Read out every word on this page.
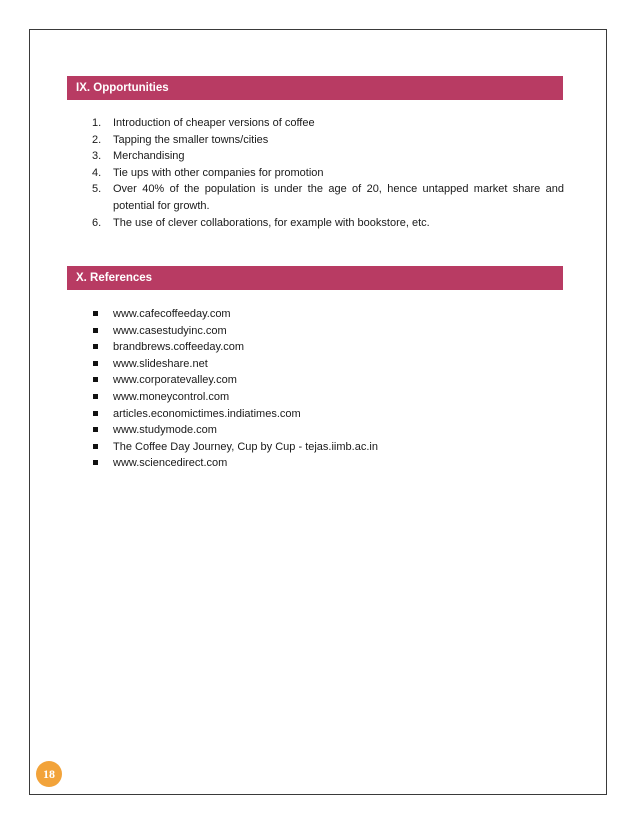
IX. Opportunities
1.	Introduction of cheaper versions of coffee
2.	Tapping the smaller towns/cities
3.	Merchandising
4.	Tie ups with other companies for promotion
5.	Over 40% of the population is under the age of 20, hence untapped market share and potential for growth.
6.	The use of clever collaborations, for example with bookstore, etc.
X. References
www.cafecoffeeday.com
www.casestudyinc.com
brandbrews.coffeeday.com
www.slideshare.net
www.corporatevalley.com
www.moneycontrol.com
articles.economictimes.indiatimes.com
www.studymode.com
The Coffee Day Journey, Cup by Cup - tejas.iimb.ac.in
www.sciencedirect.com
18
